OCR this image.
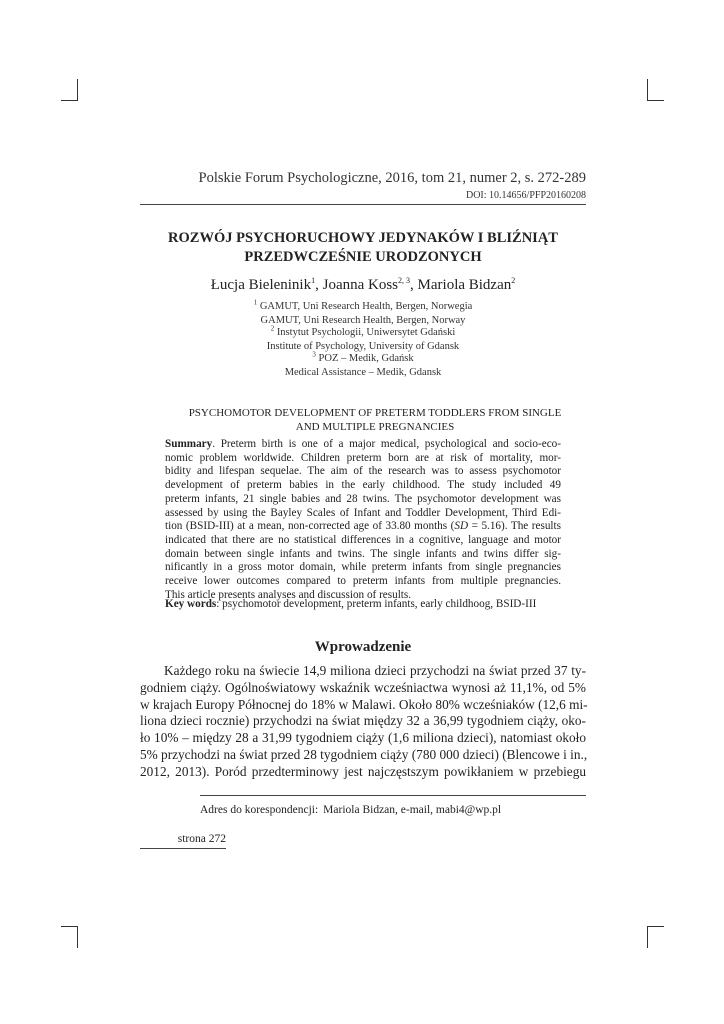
Polskie Forum Psychologiczne, 2016, tom 21, numer 2, s. 272-289
DOI: 10.14656/PFP20160208
ROZWÓJ PSYCHORUCHOWY JEDYNAKÓW I BLIŹNIĄT
PRZEDWCZEŚNIE URODZONYCH
Łucja Bieleninik$^1$, Joanna Koss$^{2, 3}$, Mariola Bidzan$^2$
$^1$ GAMUT, Uni Research Health, Bergen, Norwegia
GAMUT, Uni Research Health, Bergen, Norway
$^2$ Instytut Psychologii, Uniwersytet Gdański
Institute of Psychology, University of Gdansk
$^3$ POZ – Medik, Gdańsk
Medical Assistance – Medik, Gdansk
PSYCHOMOTOR DEVELOPMENT OF PRETERM TODDLERS FROM SINGLE
AND MULTIPLE PREGNANCIES
Summary. Preterm birth is one of a major medical, psychological and socio-eco-
nomic problem worldwide. Children preterm born are at risk of mortality, mor-
bidity and lifespan sequelae. The aim of the research was to assess psychomotor
development of preterm babies in the early childhood. The study included 49
preterm infants, 21 single babies and 28 twins. The psychomotor development was
assessed by using the Bayley Scales of Infant and Toddler Development, Third Edi-
tion (BSID-III) at a mean, non-corrected age of 33.80 months (SD = 5.16). The results
indicated that there are no statistical differences in a cognitive, language and motor
domain between single infants and twins. The single infants and twins differ sig-
nificantly in a gross motor domain, while preterm infants from single pregnancies
receive lower outcomes compared to preterm infants from multiple pregnancies.
This article presents analyses and discussion of results.
Key words: psychomotor development, preterm infants, early childhoog, BSID-III
Wprowadzenie
Każdego roku na świecie 14,9 miliona dzieci przychodzi na świat przed 37 ty-
godniem ciąży. Ogólnoświatowy wskaźnik wcześniactwa wynosi aż 11,1%, od 5%
w krajach Europy Północnej do 18% w Malawi. Około 80% wcześniaków (12,6 mi-
liona dzieci rocznie) przychodzi na świat między 32 a 36,99 tygodniem ciąży, oko-
ło 10% – między 28 a 31,99 tygodniem ciąży (1,6 miliona dzieci), natomiast około
5% przychodzi na świat przed 28 tygodniem ciąży (780 000 dzieci) (Blencowe i in.,
2012, 2013). Poród przedterminowy jest najczęstszym powikłaniem w przebiegu
Adres do korespondencji: Mariola Bidzan, e-mail, mabi4@wp.pl
strona 272
